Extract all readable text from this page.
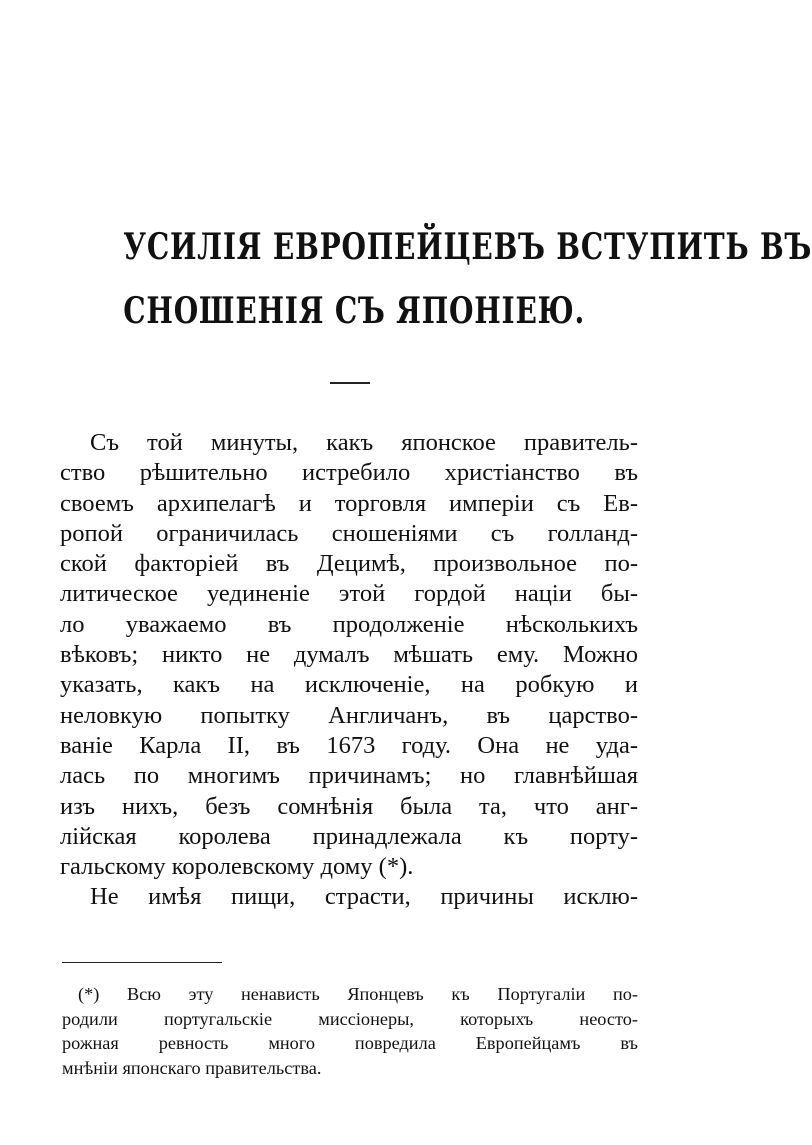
УСИЛІЯ ЕВРОПЕЙЦЕВЪ ВСТУПИТЬ ВЪ
СНОШЕНІЯ СЪ ЯПОНІЕЮ.
Съ той минуты, какъ японское правитель-
ство рѣшительно истребило христіанство въ
своемъ архипелагѣ и торговля имперіи съ Ев-
ропой ограничилась сношеніями съ голланд-
ской факторіей въ Децимѣ, произвольное по-
литическое уединеніе этой гордой націи бы-
ло уважаемо въ продолженіе нѣсколькихъ
вѣковъ; никто не думалъ мѣшать ему. Можно
указать, какъ на исключеніе, на робкую и
неловкую попытку Англичанъ, въ царство-
ваніе Карла II, въ 1673 году. Она не уда-
лась по многимъ причинамъ; но главнѣйшая
изъ нихъ, безъ сомнѣнія была та, что анг-
лійская королева принадлежала къ порту-
гальскому королевскому дому (*).
Не имѣя пищи, страсти, причины исклю-
(*) Всю эту ненависть Японцевъ къ Португаліи по-
родили португальскіе миссіонеры, которыхъ неосто-
рожная ревность много повредила Европейцамъ въ
мнѣніи японскаго правительства.
